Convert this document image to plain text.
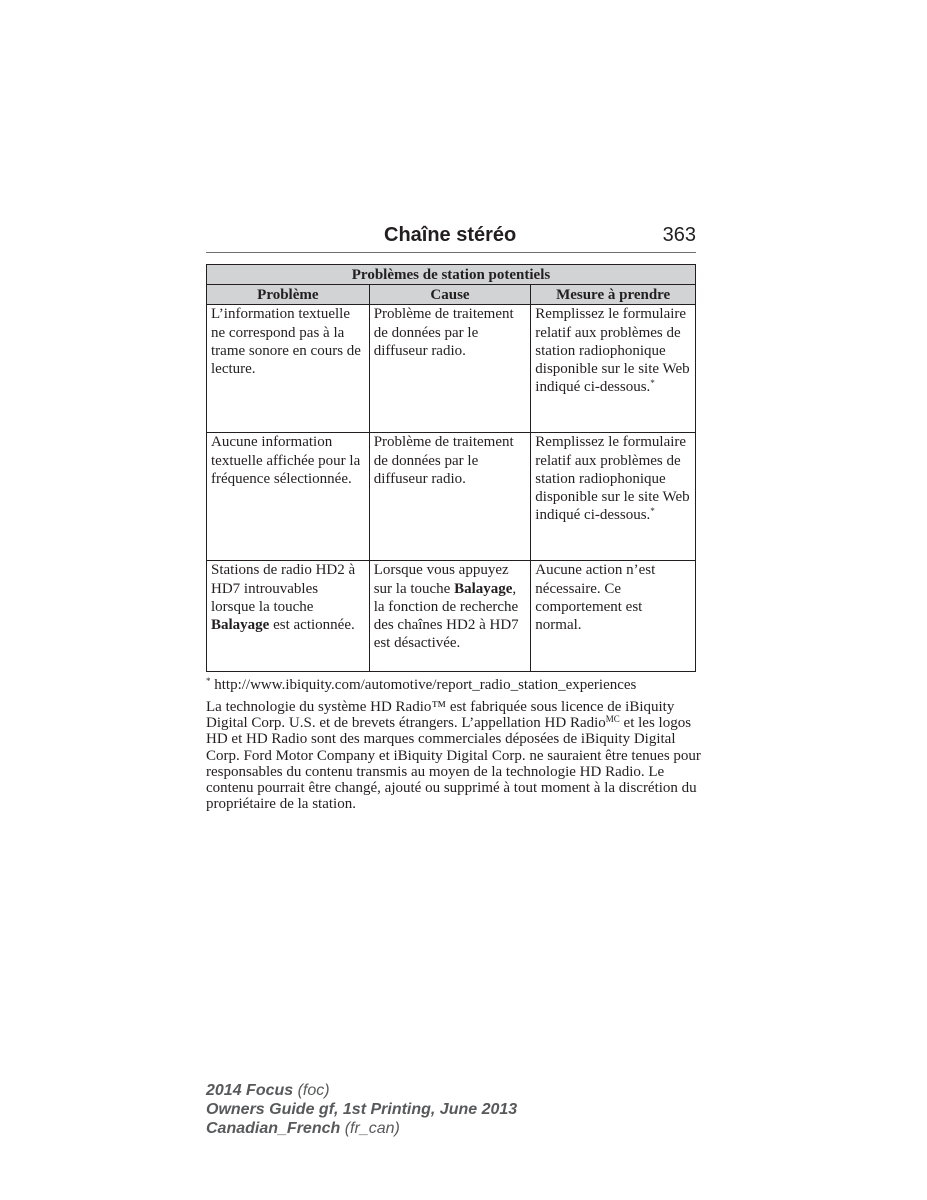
Chaîne stéréo	363
Problèmes de station potentiels		
Problème	Cause	Mesure à prendre
L’information textuelle ne correspond pas à la trame sonore en cours de lecture.	Problème de traitement de données par le diffuseur radio.	Remplissez le formulaire relatif aux problèmes de station radiophonique disponible sur le site Web indiqué ci-dessous.*
Aucune information textuelle affichée pour la fréquence sélectionnée.	Problème de traitement de données par le diffuseur radio.	Remplissez le formulaire relatif aux problèmes de station radiophonique disponible sur le site Web indiqué ci-dessous.*
Stations de radio HD2 à HD7 introuvables lorsque la touche Balayage est actionnée.	Lorsque vous appuyez sur la touche Balayage, la fonction de recherche des chaînes HD2 à HD7 est désactivée.	Aucune action n’est nécessaire. Ce comportement est normal.
* http://www.ibiquity.com/automotive/report_radio_station_experiences
La technologie du système HD Radio™ est fabriquée sous licence de iBiquity Digital Corp. U.S. et de brevets étrangers. L’appellation HD Radio$^{MC}$ et les logos HD et HD Radio sont des marques commerciales déposées de iBiquity Digital Corp. Ford Motor Company et iBiquity Digital Corp. ne sauraient être tenues pour responsables du contenu transmis au moyen de la technologie HD Radio. Le contenu pourrait être changé, ajouté ou supprimé à tout moment à la discrétion du propriétaire de la station.
2014 Focus (foc)
Owners Guide gf, 1st Printing, June 2013
Canadian_French (fr_can)
